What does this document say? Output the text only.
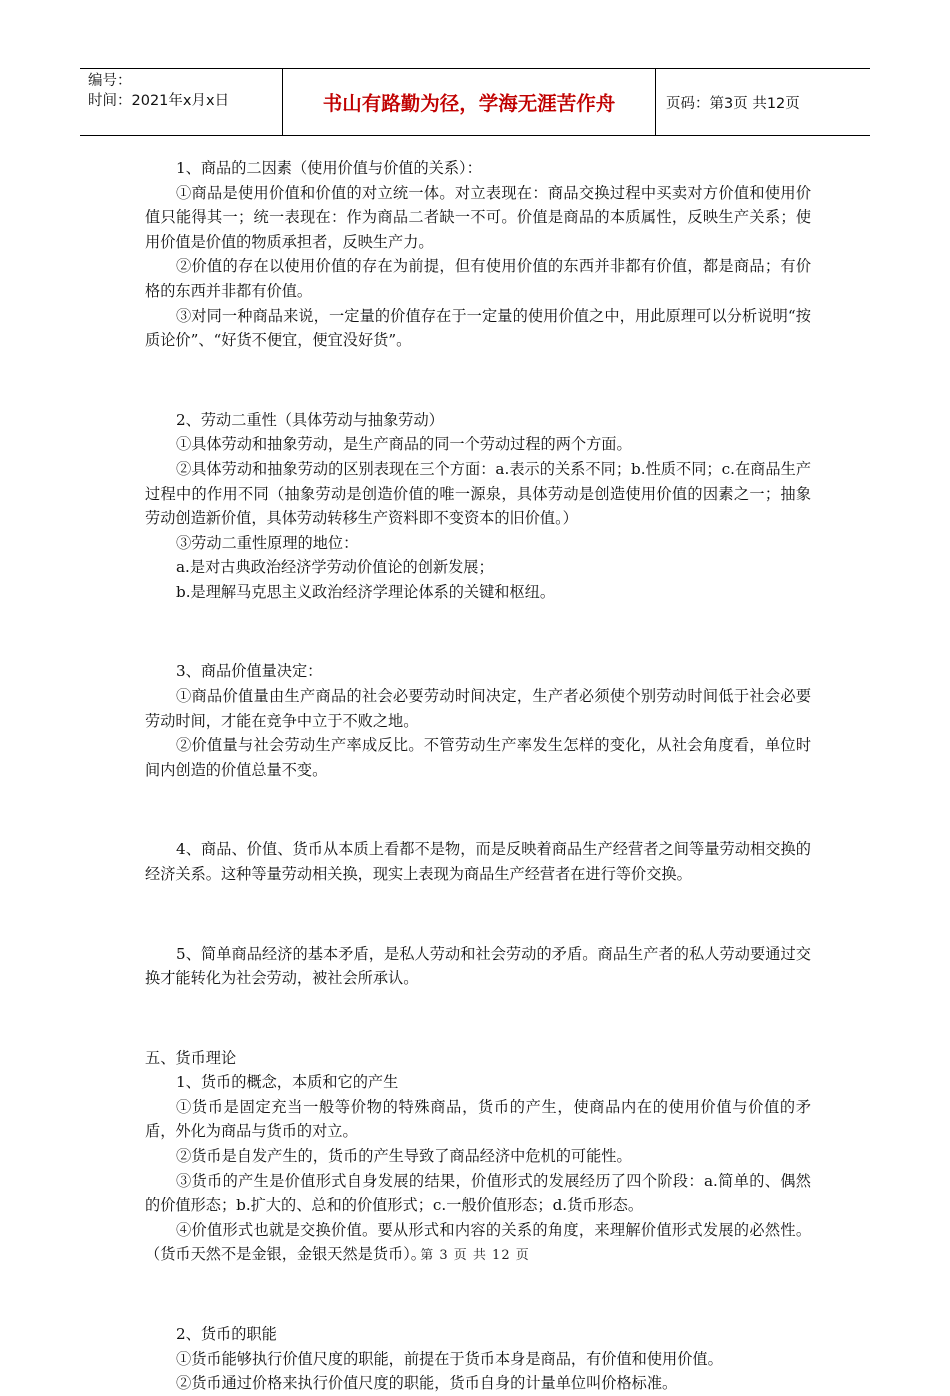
编号：
时间：2021年x月x日	书山有路勤为径，学海无涯苦作舟	页码：第3页 共12页

1、商品的二因素（使用价值与价值的关系）：

①商品是使用价值和价值的对立统一体。对立表现在：商品交换过程中买卖对方价值和使用价值只能得其一；统一表现在：作为商品二者缺一不可。价值是商品的本质属性，反映生产关系；使用价值是价值的物质承担者，反映生产力。

②价值的存在以使用价值的存在为前提，但有使用价值的东西并非都有价值，都是商品；有价格的东西并非都有价值。

③对同一种商品来说，一定量的价值存在于一定量的使用价值之中，用此原理可以分析说明“按质论价”、“好货不便宜，便宜没好货”。

2、劳动二重性（具体劳动与抽象劳动）

①具体劳动和抽象劳动，是生产商品的同一个劳动过程的两个方面。

②具体劳动和抽象劳动的区别表现在三个方面：a.表示的关系不同；b.性质不同；c.在商品生产过程中的作用不同（抽象劳动是创造价值的唯一源泉，具体劳动是创造使用价值的因素之一；抽象劳动创造新价值，具体劳动转移生产资料即不变资本的旧价值。）

③劳动二重性原理的地位：

a.是对古典政治经济学劳动价值论的创新发展；

b.是理解马克思主义政治经济学理论体系的关键和枢纽。

3、商品价值量决定：

①商品价值量由生产商品的社会必要劳动时间决定，生产者必须使个别劳动时间低于社会必要劳动时间，才能在竞争中立于不败之地。

②价值量与社会劳动生产率成反比。不管劳动生产率发生怎样的变化，从社会角度看，单位时间内创造的价值总量不变。

4、商品、价值、货币从本质上看都不是物，而是反映着商品生产经营者之间等量劳动相交换的经济关系。这种等量劳动相关换，现实上表现为商品生产经营者在进行等价交换。

5、简单商品经济的基本矛盾，是私人劳动和社会劳动的矛盾。商品生产者的私人劳动要通过交换才能转化为社会劳动，被社会所承认。

五、货币理论

1、货币的概念，本质和它的产生

①货币是固定充当一般等价物的特殊商品，货币的产生，使商品内在的使用价值与价值的矛盾，外化为商品与货币的对立。

②货币是自发产生的，货币的产生导致了商品经济中危机的可能性。

③货币的产生是价值形式自身发展的结果，价值形式的发展经历了四个阶段：a.简单的、偶然的价值形态；b.扩大的、总和的价值形式；c.一般价值形态；d.货币形态。

④价值形式也就是交换价值。要从形式和内容的关系的角度，来理解价值形式发展的必然性。（货币天然不是金银，金银天然是货币）。

2、货币的职能

①货币能够执行价值尺度的职能，前提在于货币本身是商品，有价值和使用价值。

②货币通过价格来执行价值尺度的职能，货币自身的计量单位叫价格标准。

第 3 页 共 12 页
